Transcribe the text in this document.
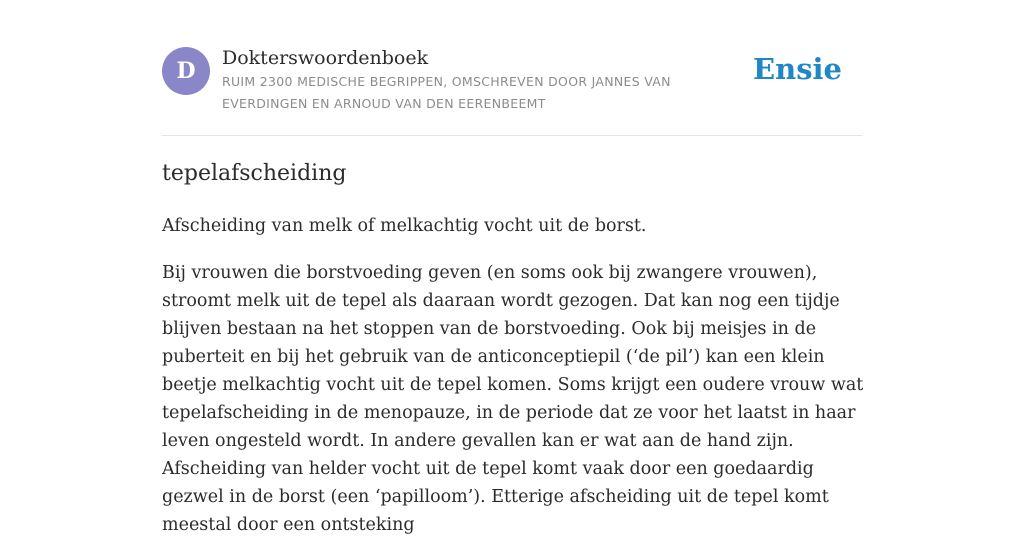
D	Dokterswoordenboek
RUIM 2300 MEDISCHE BEGRIPPEN, OMSCHREVEN DOOR JANNES VAN EVERDINGEN EN ARNOUD VAN DEN EERENBEEMT
Ensie
tepelafscheiding

Afscheiding van melk of melkachtig vocht uit de borst.

Bij vrouwen die borstvoeding geven (en soms ook bij zwangere vrouwen), stroomt melk uit de tepel als daaraan wordt gezogen. Dat kan nog een tijdje blijven bestaan na het stoppen van de borstvoeding. Ook bij meisjes in de puberteit en bij het gebruik van de anticonceptiepil (‘de pil’) kan een klein beetje melkachtig vocht uit de tepel komen. Soms krijgt een oudere vrouw wat tepelafscheiding in de menopauze, in de periode dat ze voor het laatst in haar leven ongesteld wordt. In andere gevallen kan er wat aan de hand zijn. Afscheiding van helder vocht uit de tepel komt vaak door een goedaardig gezwel in de borst (een ‘papilloom’). Etterige afscheiding uit de tepel komt meestal door een ontsteking
